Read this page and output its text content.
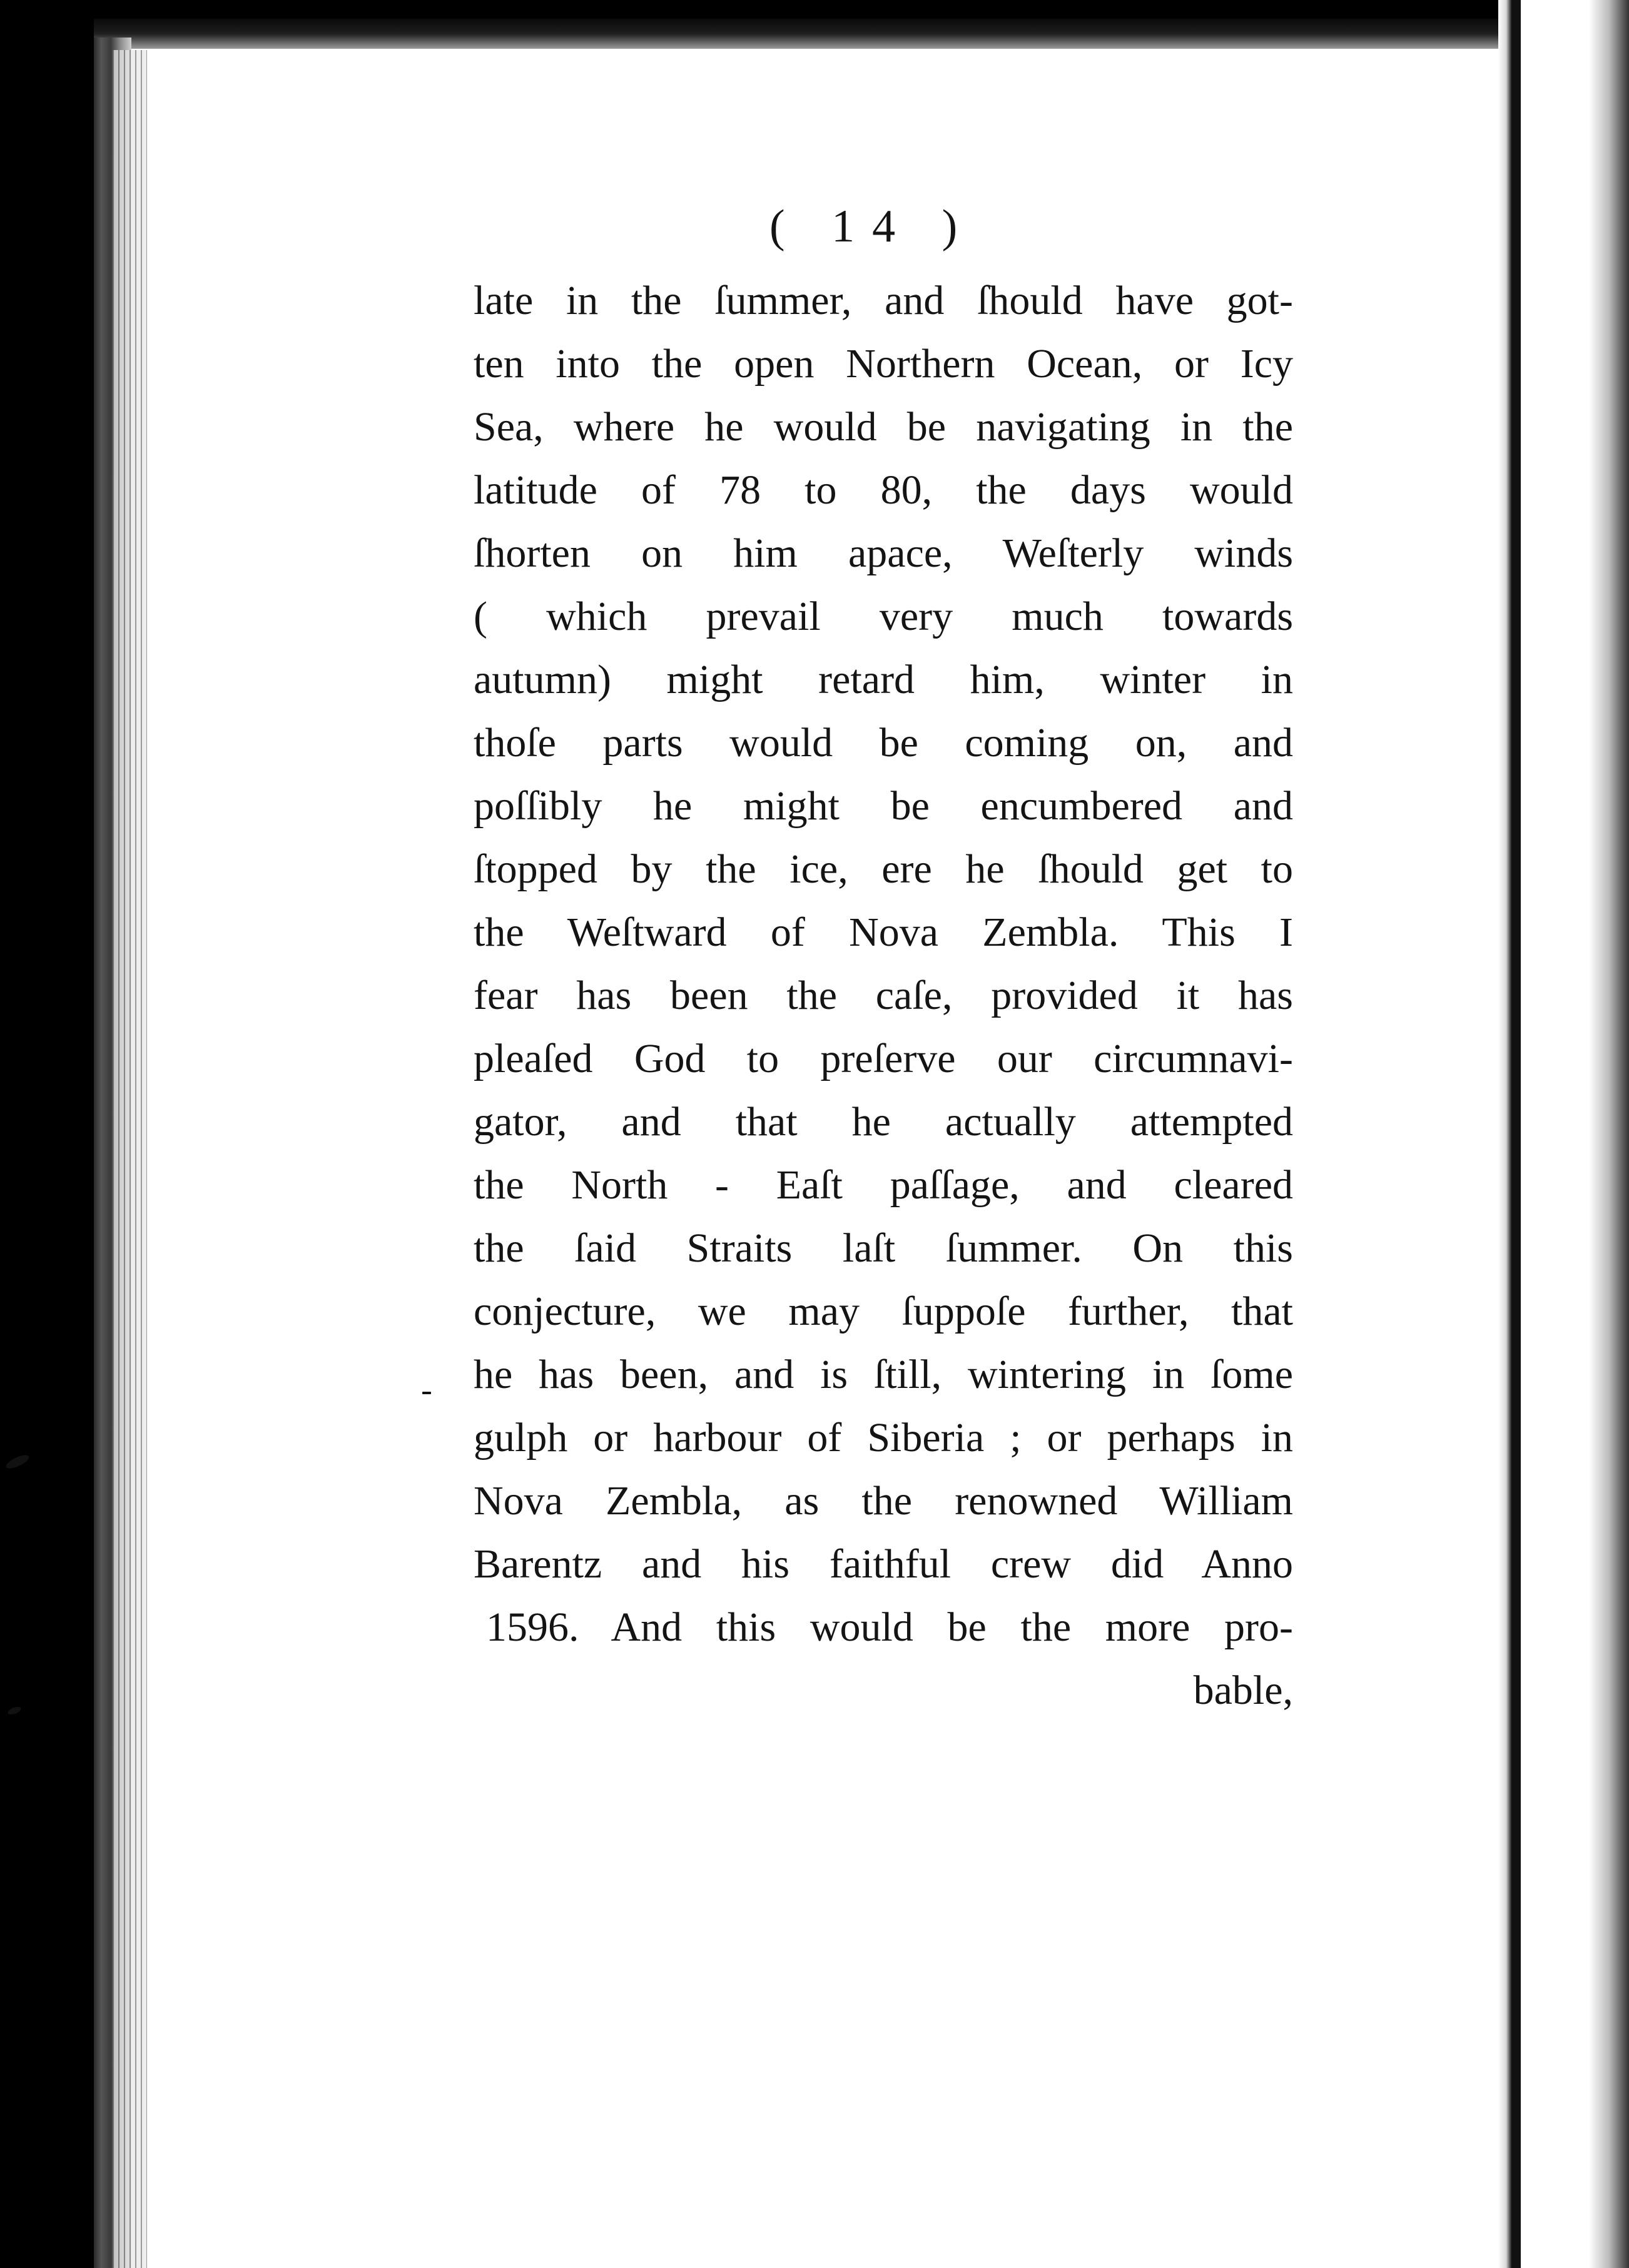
( 14 )
late in the ſummer, and ſhould have got-
ten into the open Northern Ocean, or Icy
Sea, where he would be navigating in the
latitude of 78 to 80, the days would
ſhorten on him apace, Weſterly winds
( which prevail very much towards
autumn) might retard him, winter in
thoſe parts would be coming on, and
poſſibly he might be encumbered and
ſtopped by the ice, ere he ſhould get to
the Weſtward of Nova Zembla. This I
fear has been the caſe, provided it has
pleaſed God to preſerve our circumnavi-
gator, and that he actually attempted
the North - Eaſt paſſage, and cleared
the ſaid Straits laſt ſummer. On this
conjecture, we may ſuppoſe further, that
he has been, and is ſtill, wintering in ſome
gulph or harbour of Siberia ; or perhaps in
Nova Zembla, as the renowned William
Barentz and his faithful crew did Anno
1596. And this would be the more pro-
bable,
